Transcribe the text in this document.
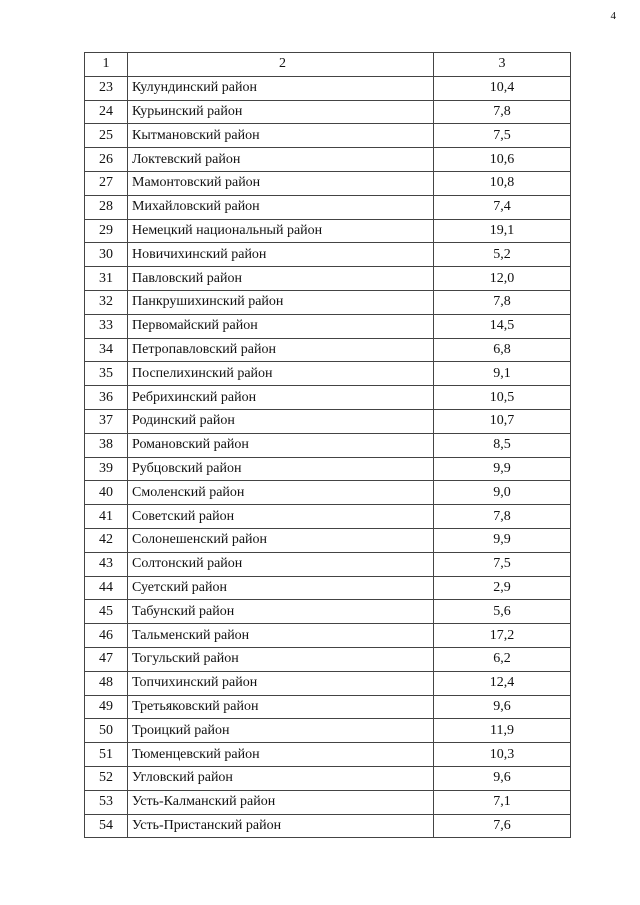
4
1	2	3
23	Кулундинский район	10,4
24	Курьинский район	7,8
25	Кытмановский район	7,5
26	Локтевский район	10,6
27	Мамонтовский район	10,8
28	Михайловский район	7,4
29	Немецкий национальный район	19,1
30	Новичихинский район	5,2
31	Павловский район	12,0
32	Панкрушихинский район	7,8
33	Первомайский район	14,5
34	Петропавловский район	6,8
35	Поспелихинский район	9,1
36	Ребрихинский район	10,5
37	Родинский район	10,7
38	Романовский район	8,5
39	Рубцовский район	9,9
40	Смоленский район	9,0
41	Советский район	7,8
42	Солонешенский район	9,9
43	Солтонский район	7,5
44	Суетский район	2,9
45	Табунский район	5,6
46	Тальменский район	17,2
47	Тогульский район	6,2
48	Топчихинский район	12,4
49	Третьяковский район	9,6
50	Троицкий район	11,9
51	Тюменцевский район	10,3
52	Угловский район	9,6
53	Усть-Калманский район	7,1
54	Усть-Пристанский район	7,6
